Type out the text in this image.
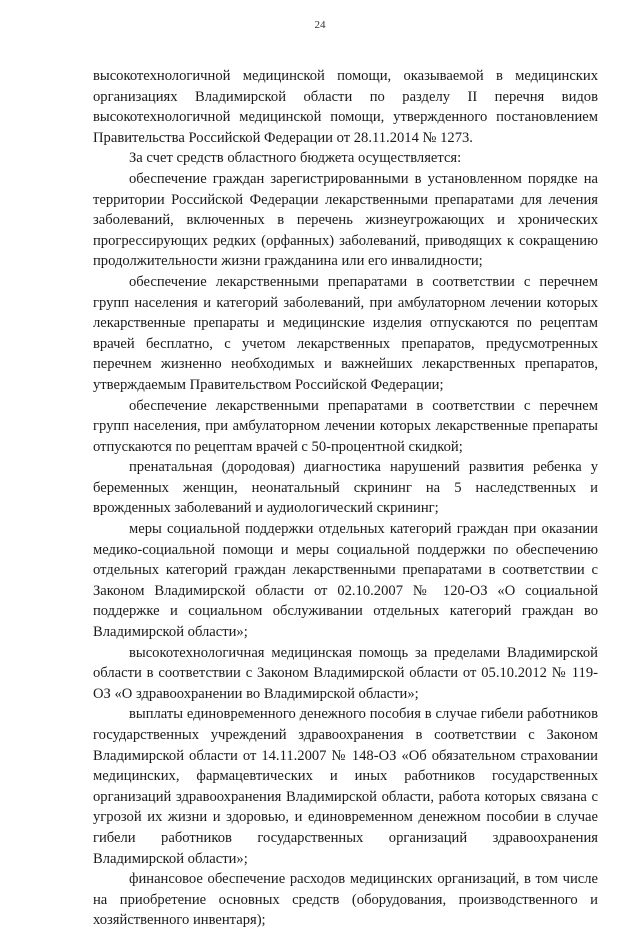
24

высокотехнологичной медицинской помощи, оказываемой в медицинских организациях Владимирской области по разделу II перечня видов высокотехнологичной медицинской помощи, утвержденного постановлением Правительства Российской Федерации от 28.11.2014 № 1273.

За счет средств областного бюджета осуществляется:

обеспечение граждан зарегистрированными в установленном порядке на территории Российской Федерации лекарственными препаратами для лечения заболеваний, включенных в перечень жизнеугрожающих и хронических прогрессирующих редких (орфанных) заболеваний, приводящих к сокращению продолжительности жизни гражданина или его инвалидности;

обеспечение лекарственными препаратами в соответствии с перечнем групп населения и категорий заболеваний, при амбулаторном лечении которых лекарственные препараты и медицинские изделия отпускаются по рецептам врачей бесплатно, с учетом лекарственных препаратов, предусмотренных перечнем жизненно необходимых и важнейших лекарственных препаратов, утверждаемым Правительством Российской Федерации;

обеспечение лекарственными препаратами в соответствии с перечнем групп населения, при амбулаторном лечении которых лекарственные препараты отпускаются по рецептам врачей с 50-процентной скидкой;

пренатальная (дородовая) диагностика нарушений развития ребенка у беременных женщин, неонатальный скрининг на 5 наследственных и врожденных заболеваний и аудиологический скрининг;

меры социальной поддержки отдельных категорий граждан при оказании медико-социальной помощи и меры социальной поддержки по обеспечению отдельных категорий граждан лекарственными препаратами в соответствии с Законом Владимирской области от 02.10.2007 № 120-ОЗ «О социальной поддержке и социальном обслуживании отдельных категорий граждан во Владимирской области»;

высокотехнологичная медицинская помощь за пределами Владимирской области в соответствии с Законом Владимирской области от 05.10.2012 № 119-ОЗ «О здравоохранении во Владимирской области»;

выплаты единовременного денежного пособия в случае гибели работников государственных учреждений здравоохранения в соответствии с Законом Владимирской области от 14.11.2007 № 148-ОЗ «Об обязательном страховании медицинских, фармацевтических и иных работников государственных организаций здравоохранения Владимирской области, работа которых связана с угрозой их жизни и здоровью, и единовременном денежном пособии в случае гибели работников государственных организаций здравоохранения Владимирской области»;

финансовое обеспечение расходов медицинских организаций, в том числе на приобретение основных средств (оборудования, производственного и хозяйственного инвентаря);
